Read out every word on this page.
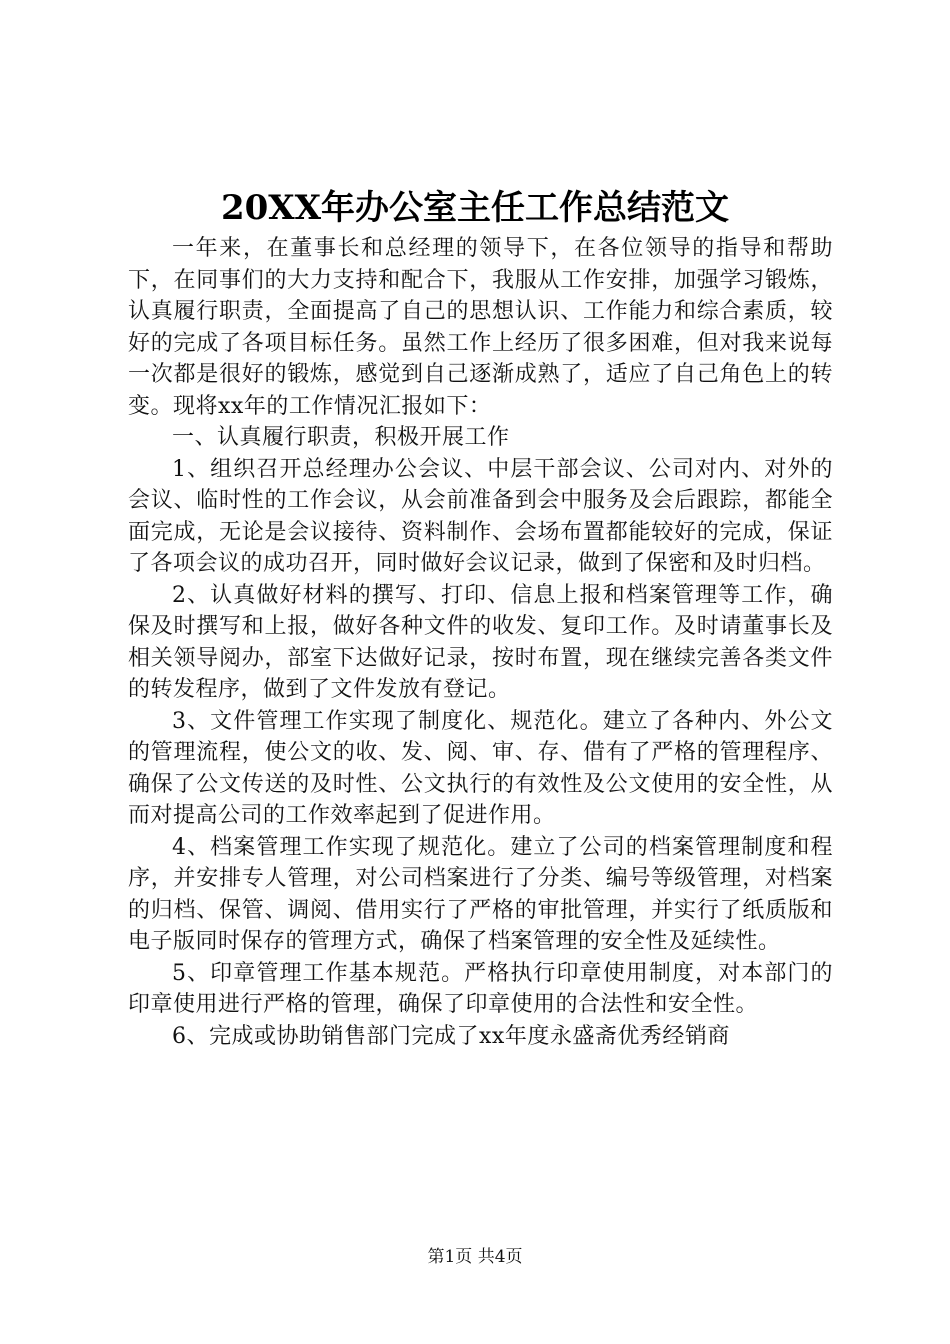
20XX年办公室主任工作总结范文

一年来，在董事长和总经理的领导下，在各位领导的指导和帮助下，在同事们的大力支持和配合下，我服从工作安排，加强学习锻炼，认真履行职责，全面提高了自己的思想认识、工作能力和综合素质，较好的完成了各项目标任务。虽然工作上经历了很多困难，但对我来说每一次都是很好的锻炼，感觉到自己逐渐成熟了，适应了自己角色上的转变。现将xx年的工作情况汇报如下：

一、认真履行职责，积极开展工作

1、组织召开总经理办公会议、中层干部会议、公司对内、对外的会议、临时性的工作会议，从会前准备到会中服务及会后跟踪，都能全面完成，无论是会议接待、资料制作、会场布置都能较好的完成，保证了各项会议的成功召开，同时做好会议记录，做到了保密和及时归档。

2、认真做好材料的撰写、打印、信息上报和档案管理等工作，确保及时撰写和上报，做好各种文件的收发、复印工作。及时请董事长及相关领导阅办，部室下达做好记录，按时布置，现在继续完善各类文件的转发程序，做到了文件发放有登记。

3、文件管理工作实现了制度化、规范化。建立了各种内、外公文的管理流程，使公文的收、发、阅、审、存、借有了严格的管理程序、确保了公文传送的及时性、公文执行的有效性及公文使用的安全性，从而对提高公司的工作效率起到了促进作用。

4、档案管理工作实现了规范化。建立了公司的档案管理制度和程序，并安排专人管理，对公司档案进行了分类、编号等级管理，对档案的归档、保管、调阅、借用实行了严格的审批管理，并实行了纸质版和电子版同时保存的管理方式，确保了档案管理的安全性及延续性。

5、印章管理工作基本规范。严格执行印章使用制度，对本部门的印章使用进行严格的管理，确保了印章使用的合法性和安全性。

6、完成或协助销售部门完成了xx年度永盛斋优秀经销商

第1页 共4页
